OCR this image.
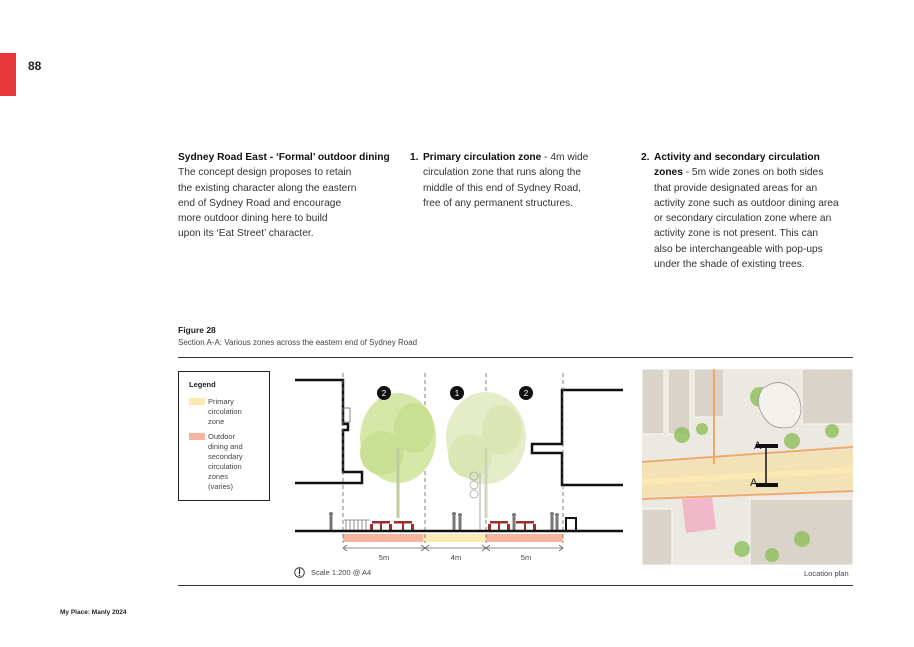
88
Sydney Road East - ‘Formal’ outdoor dining
The concept design proposes to retain
the existing character along the eastern
end of Sydney Road and encourage
more outdoor dining here to build
upon its ‘Eat Street’ character.
1. Primary circulation zone - 4m wide
circulation zone that runs along the
middle of this end of Sydney Road,
free of any permanent structures.
2. Activity and secondary circulation
zones - 5m wide zones on both sides
that provide designated areas for an
activity zone such as outdoor dining area
or secondary circulation zone where an
activity zone is not present. This can
also be interchangeable with pop-ups
under the shade of existing trees.
Figure 28
Section A-A: Various zones across the eastern end of Sydney Road
Legend
Primary
circulation
zone
Outdoor
dining and
secondary
circulation
zones
(varies)
2	1	2
5m	4m	5m
Scale 1:200 @ A4
A
A
Location plan
My Place: Manly 2024
